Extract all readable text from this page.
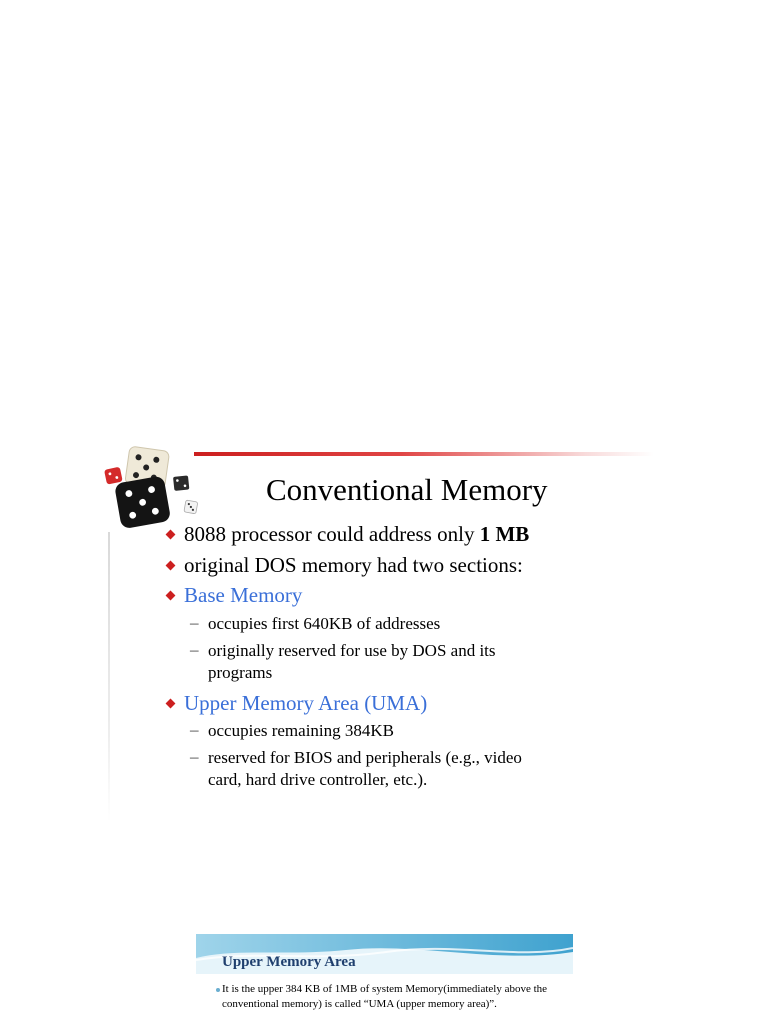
Conventional Memory
8088 processor could address only 1 MB
original DOS memory had two sections:
Base Memory
– occupies first 640KB of addresses
– originally reserved for use by DOS and its
programs
Upper Memory Area (UMA)
– occupies remaining 384KB
– reserved for BIOS and peripherals (e.g., video
card, hard drive controller, etc.).
Upper Memory Area
It is the upper 384 KB of 1MB of system Memory(immediately above the conventional memory) is called “UMA (upper memory area)”.
